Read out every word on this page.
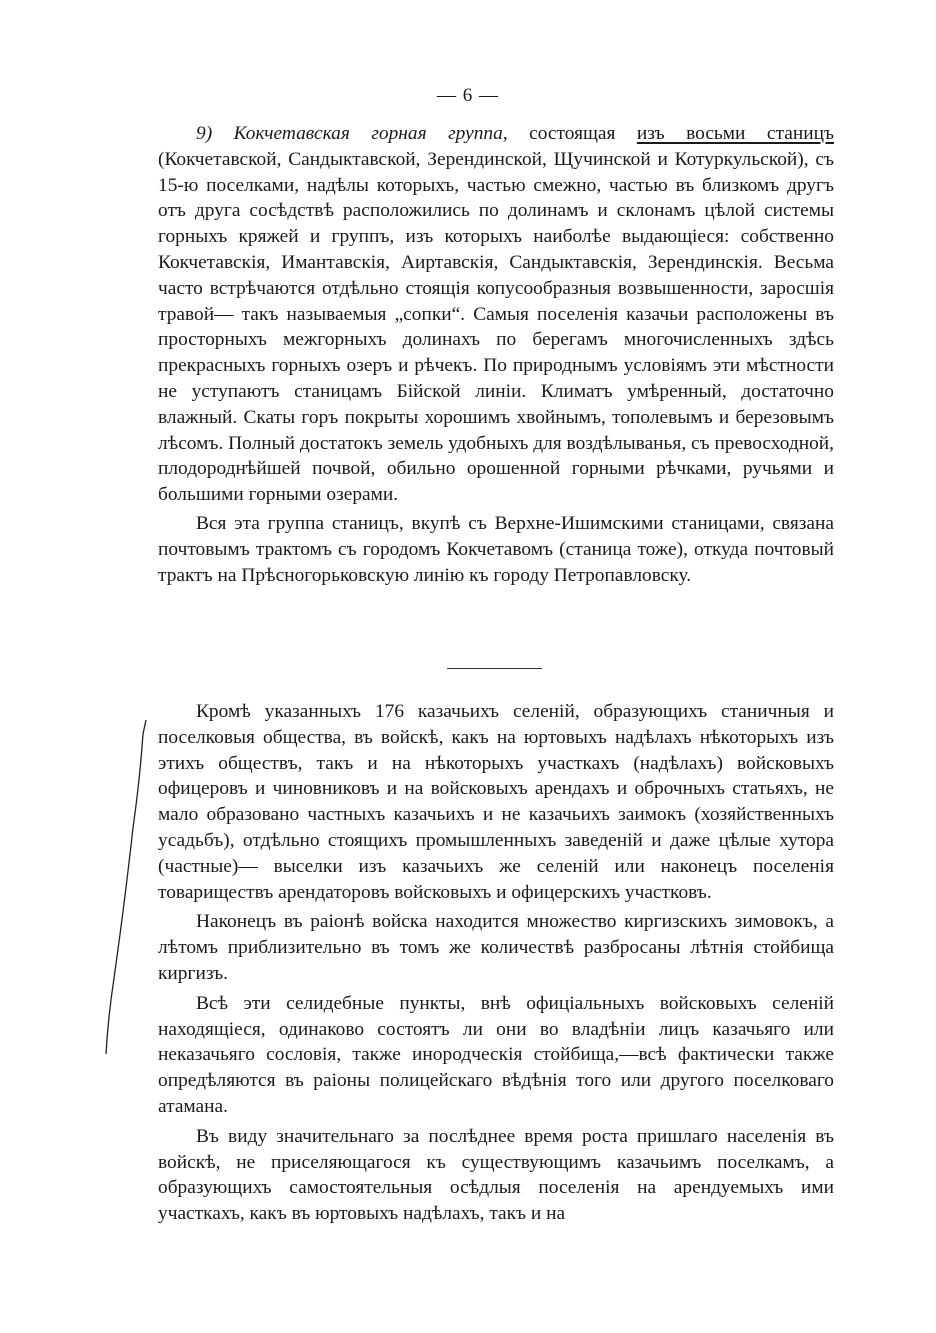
— 6 —

9) Кокчетавская горная группа, состоящая изъ восьми станицъ (Кокчетавской, Сандыктавской, Зерендинской, Щучинской и Котуркульской), съ 15-ю поселками, надѣлы которыхъ, частью смежно, частью въ близкомъ другъ отъ друга сосѣдствѣ расположились по долинамъ и склонамъ цѣлой системы горныхъ кряжей и группъ, изъ которыхъ наиболѣе выдающіеся: собственно Кокчетавскія, Имантавскія, Аиртавскія, Сандыктавскія, Зерендинскія. Весьма часто встрѣчаются отдѣльно стоящія копусообразныя возвышенности, заросшія травой— такъ называемыя „сопки“. Самыя поселенія казачьи расположены въ просторныхъ межгорныхъ долинахъ по берегамъ многочисленныхъ здѣсь прекрасныхъ горныхъ озеръ и рѣчекъ. По природнымъ условіямъ эти мѣстности не уступаютъ станицамъ Бійской линіи. Климатъ умѣренный, достаточно влажный. Скаты горъ покрыты хорошимъ хвойнымъ, тополевымъ и березовымъ лѣсомъ. Полный достатокъ земель удобныхъ для воздѣлыванья, съ превосходной, плодороднѣйшей почвой, обильно орошенной горными рѣчками, ручьями и большими горными озерами.

Вся эта группа станицъ, вкупѣ съ Верхне-Ишимскими станицами, связана почтовымъ трактомъ съ городомъ Кокчетавомъ (станица тоже), откуда почтовый трактъ на Прѣсногорьковскую линію къ городу Петропавловску.

Кромѣ указанныхъ 176 казачьихъ селеній, образующихъ станичныя и поселковыя общества, въ войскѣ, какъ на юртовыхъ надѣлахъ нѣкоторыхъ изъ этихъ обществъ, такъ и на нѣкоторыхъ участкахъ (надѣлахъ) войсковыхъ офицеровъ и чиновниковъ и на войсковыхъ арендахъ и оброчныхъ статьяхъ, не мало образовано частныхъ казачьихъ и не казачьихъ заимокъ (хозяйственныхъ усадьбъ), отдѣльно стоящихъ промышленныхъ заведеній и даже цѣлые хутора (частные)— выселки изъ казачьихъ же селеній или наконецъ поселенія товариществъ арендаторовъ войсковыхъ и офицерскихъ участковъ.

Наконецъ въ раіонѣ войска находится множество киргизскихъ зимовокъ, а лѣтомъ приблизительно въ томъ же количествѣ разбросаны лѣтнія стойбища киргизъ.

Всѣ эти селидебные пункты, внѣ офиціальныхъ войсковыхъ селеній находящіеся, одинаково состоятъ ли они во владѣніи лицъ казачьяго или неказачьяго сословія, также инородческія стойбища,—всѣ фактически также опредѣляются въ раіоны полицейскаго вѣдѣнія того или другого поселковаго атамана.

Въ виду значительнаго за послѣднее время роста пришлаго населенія въ войскѣ, не приселяющагося къ существующимъ казачьимъ поселкамъ, а образующихъ самостоятельныя осѣдлыя поселенія на арендуемыхъ ими участкахъ, какъ въ юртовыхъ надѣлахъ, такъ и на
